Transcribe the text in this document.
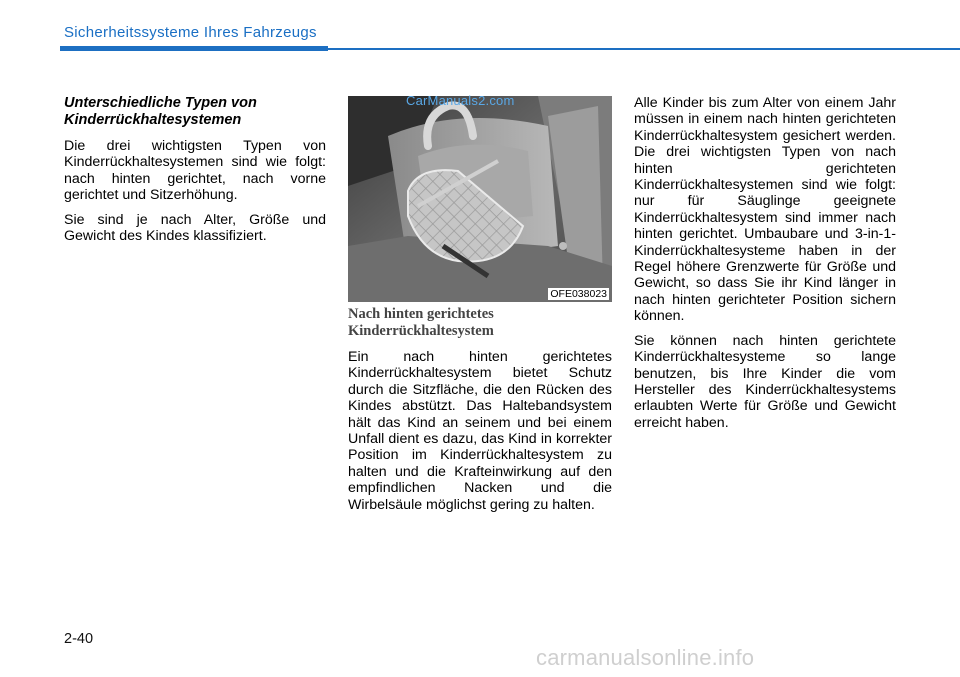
Sicherheitssysteme Ihres Fahrzeugs
Unterschiedliche Typen von Kinderrückhaltesystemen

Die drei wichtigsten Typen von Kinderrückhaltesystemen sind wie folgt: nach hinten gerichtet, nach vorne gerichtet und Sitzerhöhung.

Sie sind je nach Alter, Größe und Gewicht des Kindes klassifiziert.

OFE038023
Nach hinten gerichtetes Kinderrückhaltesystem

Ein nach hinten gerichtetes Kinderrückhaltesystem bietet Schutz durch die Sitzfläche, die den Rücken des Kindes abstützt. Das Haltebandsystem hält das Kind an seinem und bei einem Unfall dient es dazu, das Kind in korrekter Position im Kinderrückhaltesystem zu halten und die Krafteinwirkung auf den empfindlichen Nacken und die Wirbelsäule möglichst gering zu halten.

Alle Kinder bis zum Alter von einem Jahr müssen in einem nach hinten gerichteten Kinderrückhaltesystem gesichert werden. Die drei wichtigsten Typen von nach hinten gerichteten Kinderrückhaltesystemen sind wie folgt: nur für Säuglinge geeignete Kinderrückhaltesystem sind immer nach hinten gerichtet. Umbaubare und 3-in-1-Kinderrückhaltesysteme haben in der Regel höhere Grenzwerte für Größe und Gewicht, so dass Sie ihr Kind länger in nach hinten gerichteter Position sichern können.

Sie können nach hinten gerichtete Kinderrückhaltesysteme so lange benutzen, bis Ihre Kinder die vom Hersteller des Kinderrückhaltesystems erlaubten Werte für Größe und Gewicht erreicht haben.

2-40
CarManuals2.com
carmanualsonline.info
